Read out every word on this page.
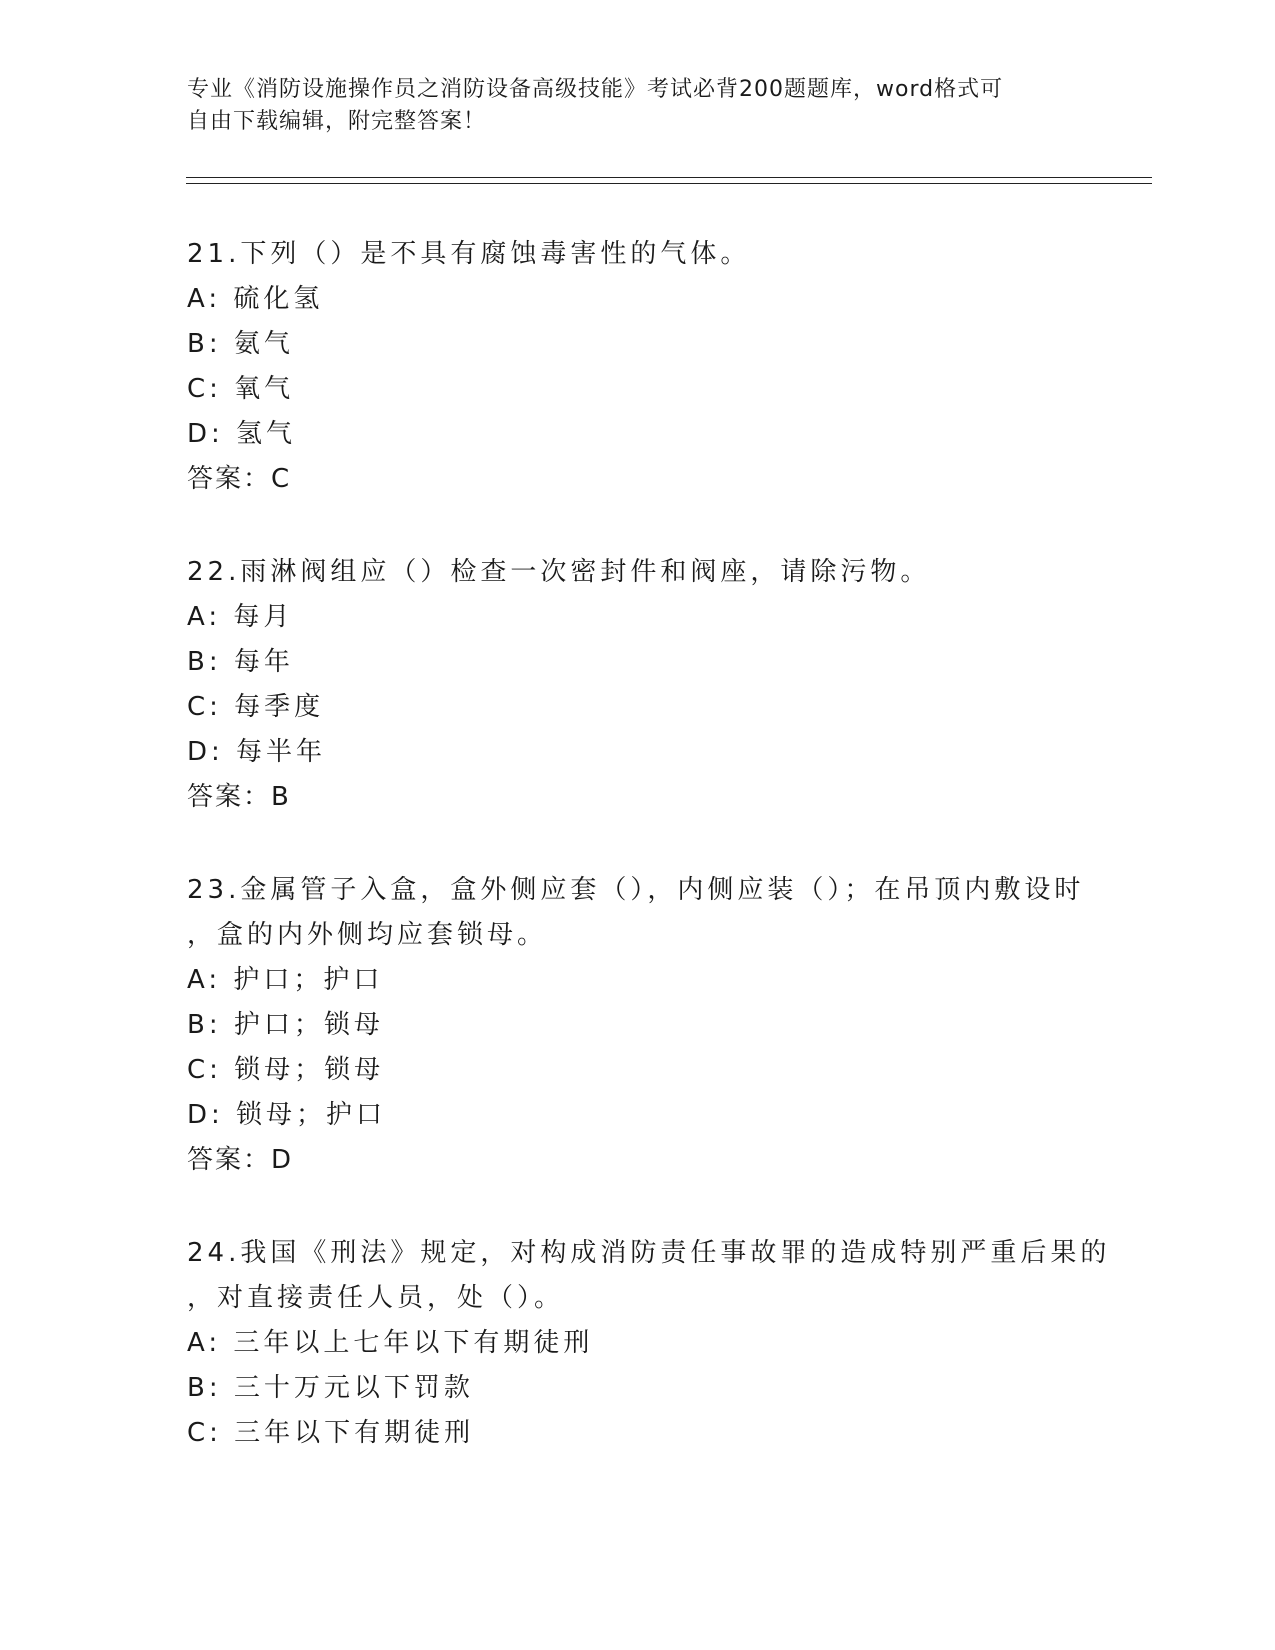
专业《消防设施操作员之消防设备高级技能》考试必背200题题库，word格式可
自由下载编辑，附完整答案！
21.下列（）是不具有腐蚀毒害性的气体。
A: 硫化氢
B: 氨气
C: 氧气
D: 氢气
答案：C
22.雨淋阀组应（）检查一次密封件和阀座，请除污物。
A: 每月
B: 每年
C: 每季度
D: 每半年
答案：B
23.金属管子入盒，盒外侧应套（），内侧应装（）；在吊顶内敷设时
，盒的内外侧均应套锁母。
A: 护口；护口
B: 护口；锁母
C: 锁母；锁母
D: 锁母；护口
答案：D
24.我国《刑法》规定，对构成消防责任事故罪的造成特别严重后果的
，对直接责任人员，处（）。
A: 三年以上七年以下有期徒刑
B: 三十万元以下罚款
C: 三年以下有期徒刑
